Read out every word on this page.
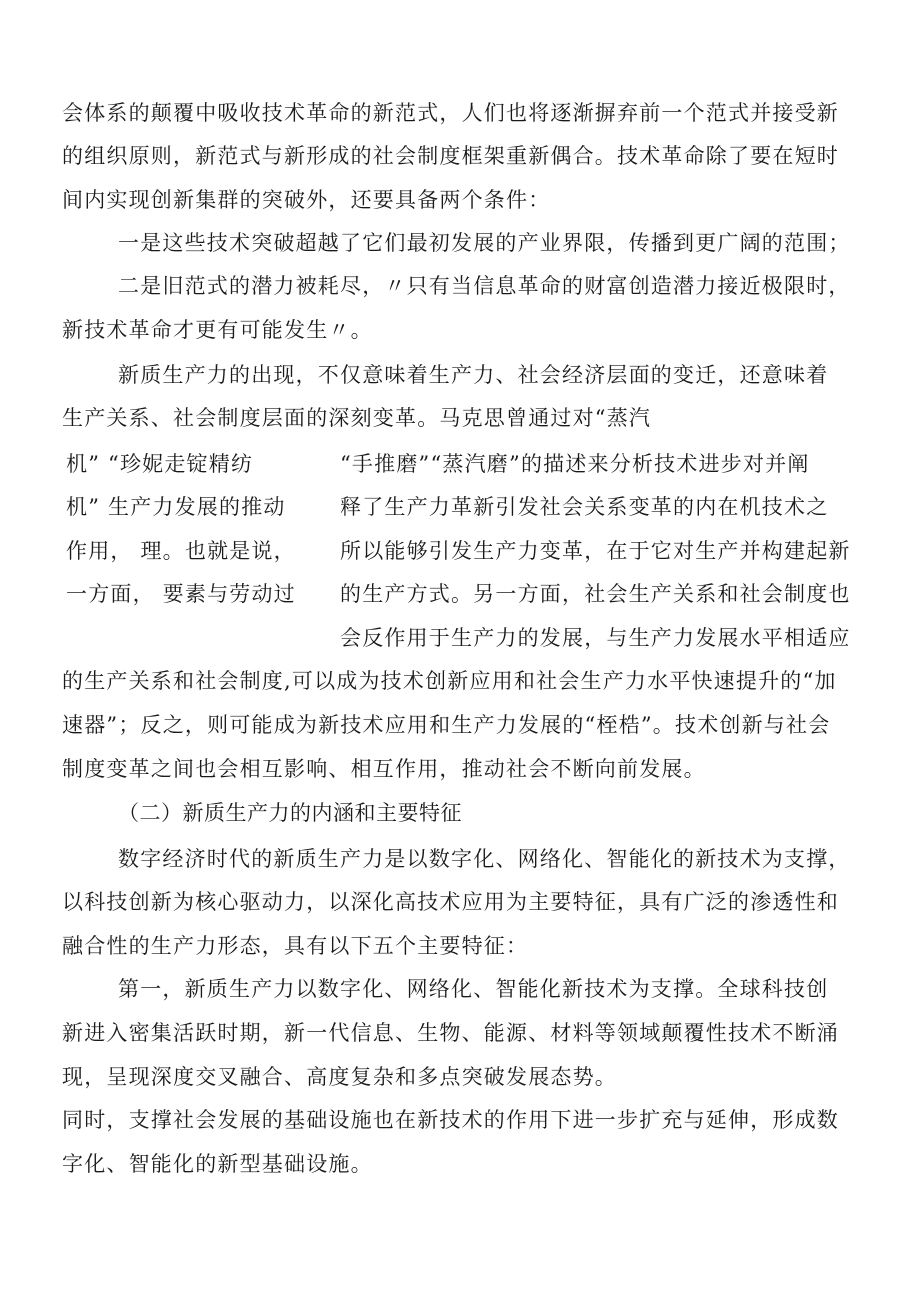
会体系的颠覆中吸收技术革命的新范式，人们也将逐渐摒弃前一个范式并接受新
的组织原则，新范式与新形成的社会制度框架重新偶合。技术革命除了要在短时
间内实现创新集群的突破外，还要具备两个条件：
一是这些技术突破超越了它们最初发展的产业界限，传播到更广阔的范围；
二是旧范式的潜力被耗尽，〃只有当信息革命的财富创造潜力接近极限时，
新技术革命才更有可能发生〃。
新质生产力的出现，不仅意味着生产力、社会经济层面的变迁，还意味着
生产关系、社会制度层面的深刻变革。马克思曾通过对“蒸汽
机” “珍妮走锭精纺
机” 生产力发展的推动
作用， 理。也就是说，
一方面， 要素与劳动过
“手推磨”“蒸汽磨”的描述来分析技术进步对并阐
释了生产力革新引发社会关系变革的内在机技术之
所以能够引发生产力变革，在于它对生产并构建起新
的生产方式。另一方面，社会生产关系和社会制度也
会反作用于生产力的发展，与生产力发展水平相适应
的生产关系和社会制度,可以成为技术创新应用和社会生产力水平快速提升的“加
速器”；反之，则可能成为新技术应用和生产力发展的“桎梏”。技术创新与社会
制度变革之间也会相互影响、相互作用，推动社会不断向前发展。
（二）新质生产力的内涵和主要特征
数字经济时代的新质生产力是以数字化、网络化、智能化的新技术为支撑，
以科技创新为核心驱动力，以深化高技术应用为主要特征，具有广泛的渗透性和
融合性的生产力形态，具有以下五个主要特征：
第一，新质生产力以数字化、网络化、智能化新技术为支撑。全球科技创
新进入密集活跃时期，新一代信息、生物、能源、材料等领域颠覆性技术不断涌
现，呈现深度交叉融合、高度复杂和多点突破发展态势。
同时，支撑社会发展的基础设施也在新技术的作用下进一步扩充与延伸，形成数
字化、智能化的新型基础设施。
